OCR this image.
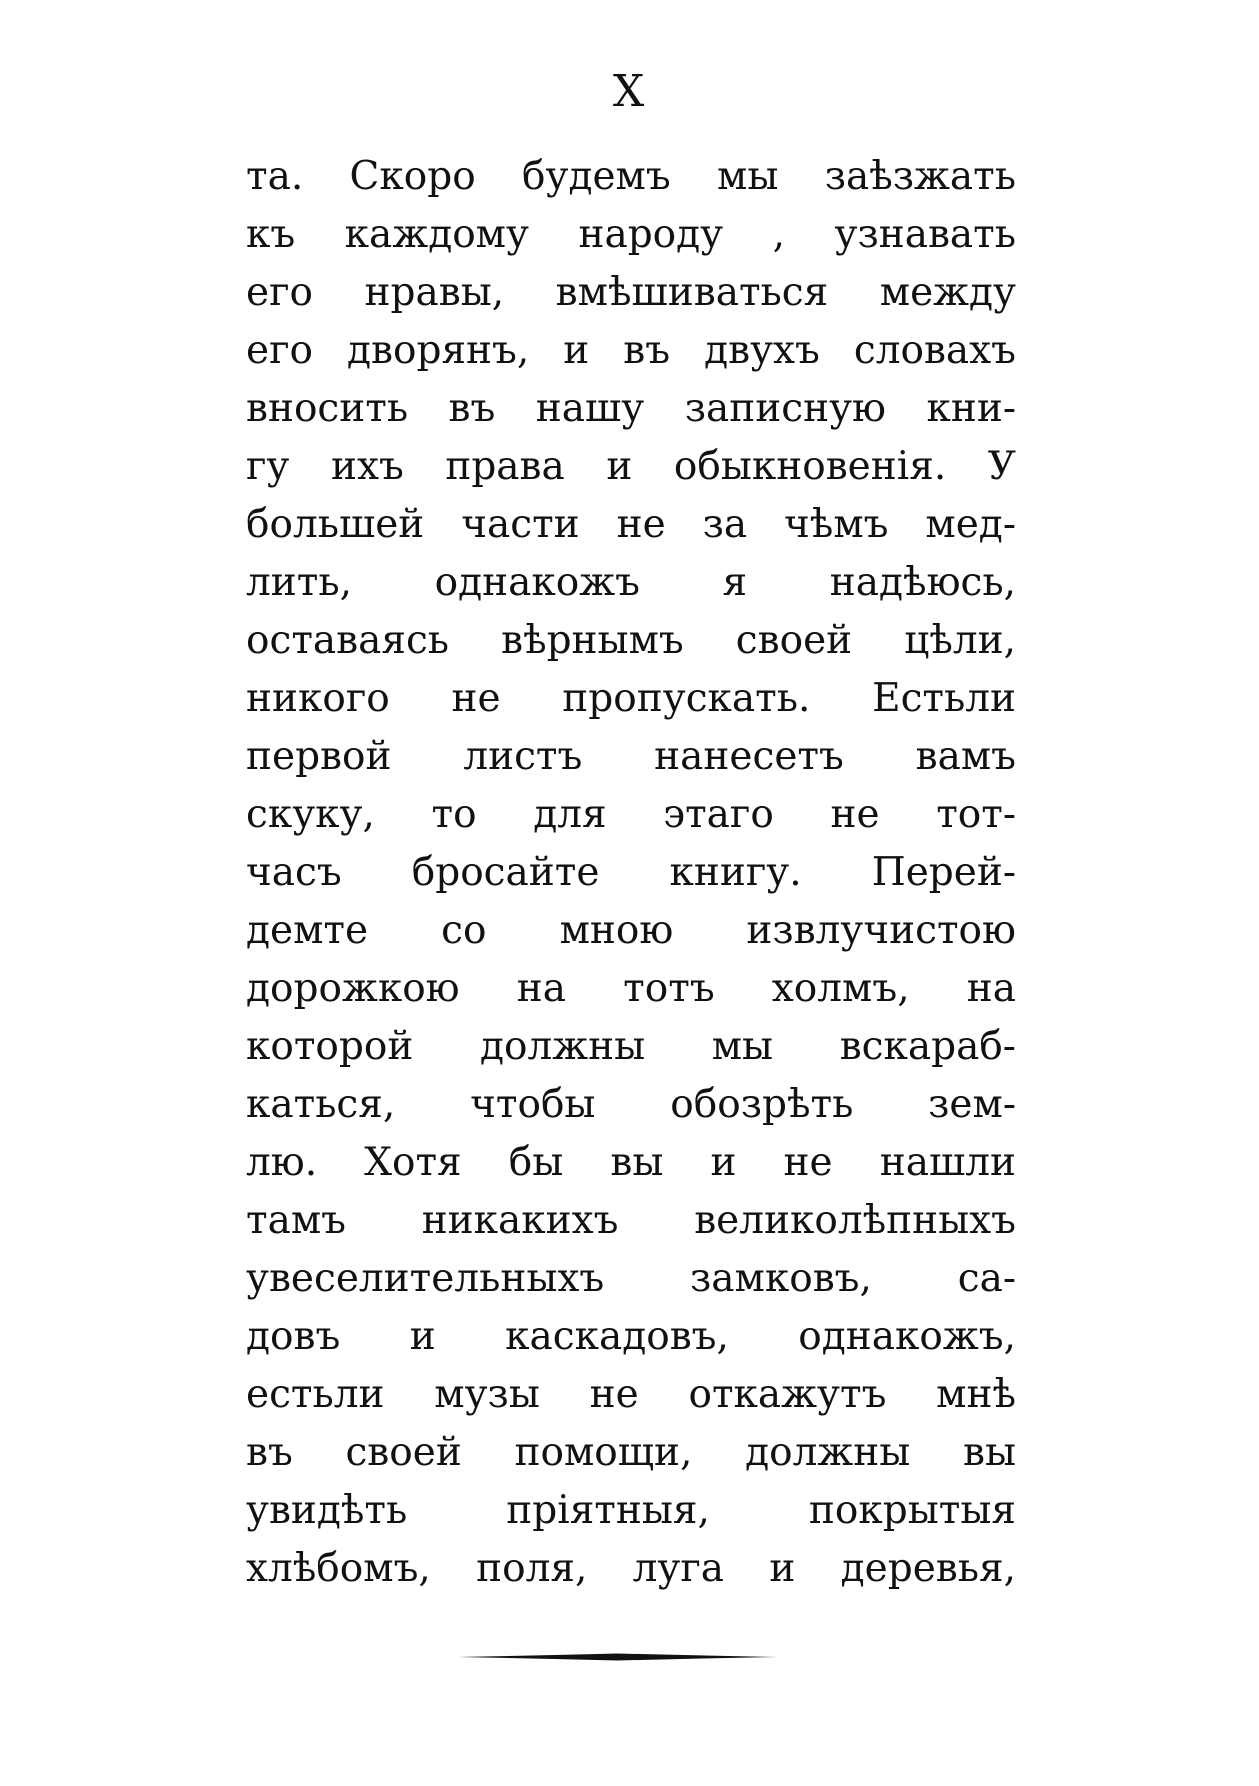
X
та. Скоро будемъ мы заѣзжать
къ каждому народу , узнавать
его нравы, вмѣшиваться между
его дворянъ, и въ двухъ словахъ
вносить въ нашу записную кни-
гу ихъ права и обыкновенія. У
большей части не за чѣмъ мед-
лить, однакожъ я надѣюсь,
оставаясь вѣрнымъ своей цѣли,
никого не пропускать. Естьли
первой листъ нанесетъ вамъ
скуку, то для этаго не тот-
часъ бросайте книгу. Перей-
демте со мною извлучистою
дорожкою на тотъ холмъ, на
которой должны мы вскараб-
каться, чтобы обозрѣть зем-
лю. Хотя бы вы и не нашли
тамъ никакихъ великолѣпныхъ
увеселительныхъ замковъ, са-
довъ и каскадовъ, однакожъ,
естьли музы не откажутъ мнѣ
въ своей помощи, должны вы
увидѣть пріятныя, покрытыя
хлѣбомъ, поля, луга и деревья,
